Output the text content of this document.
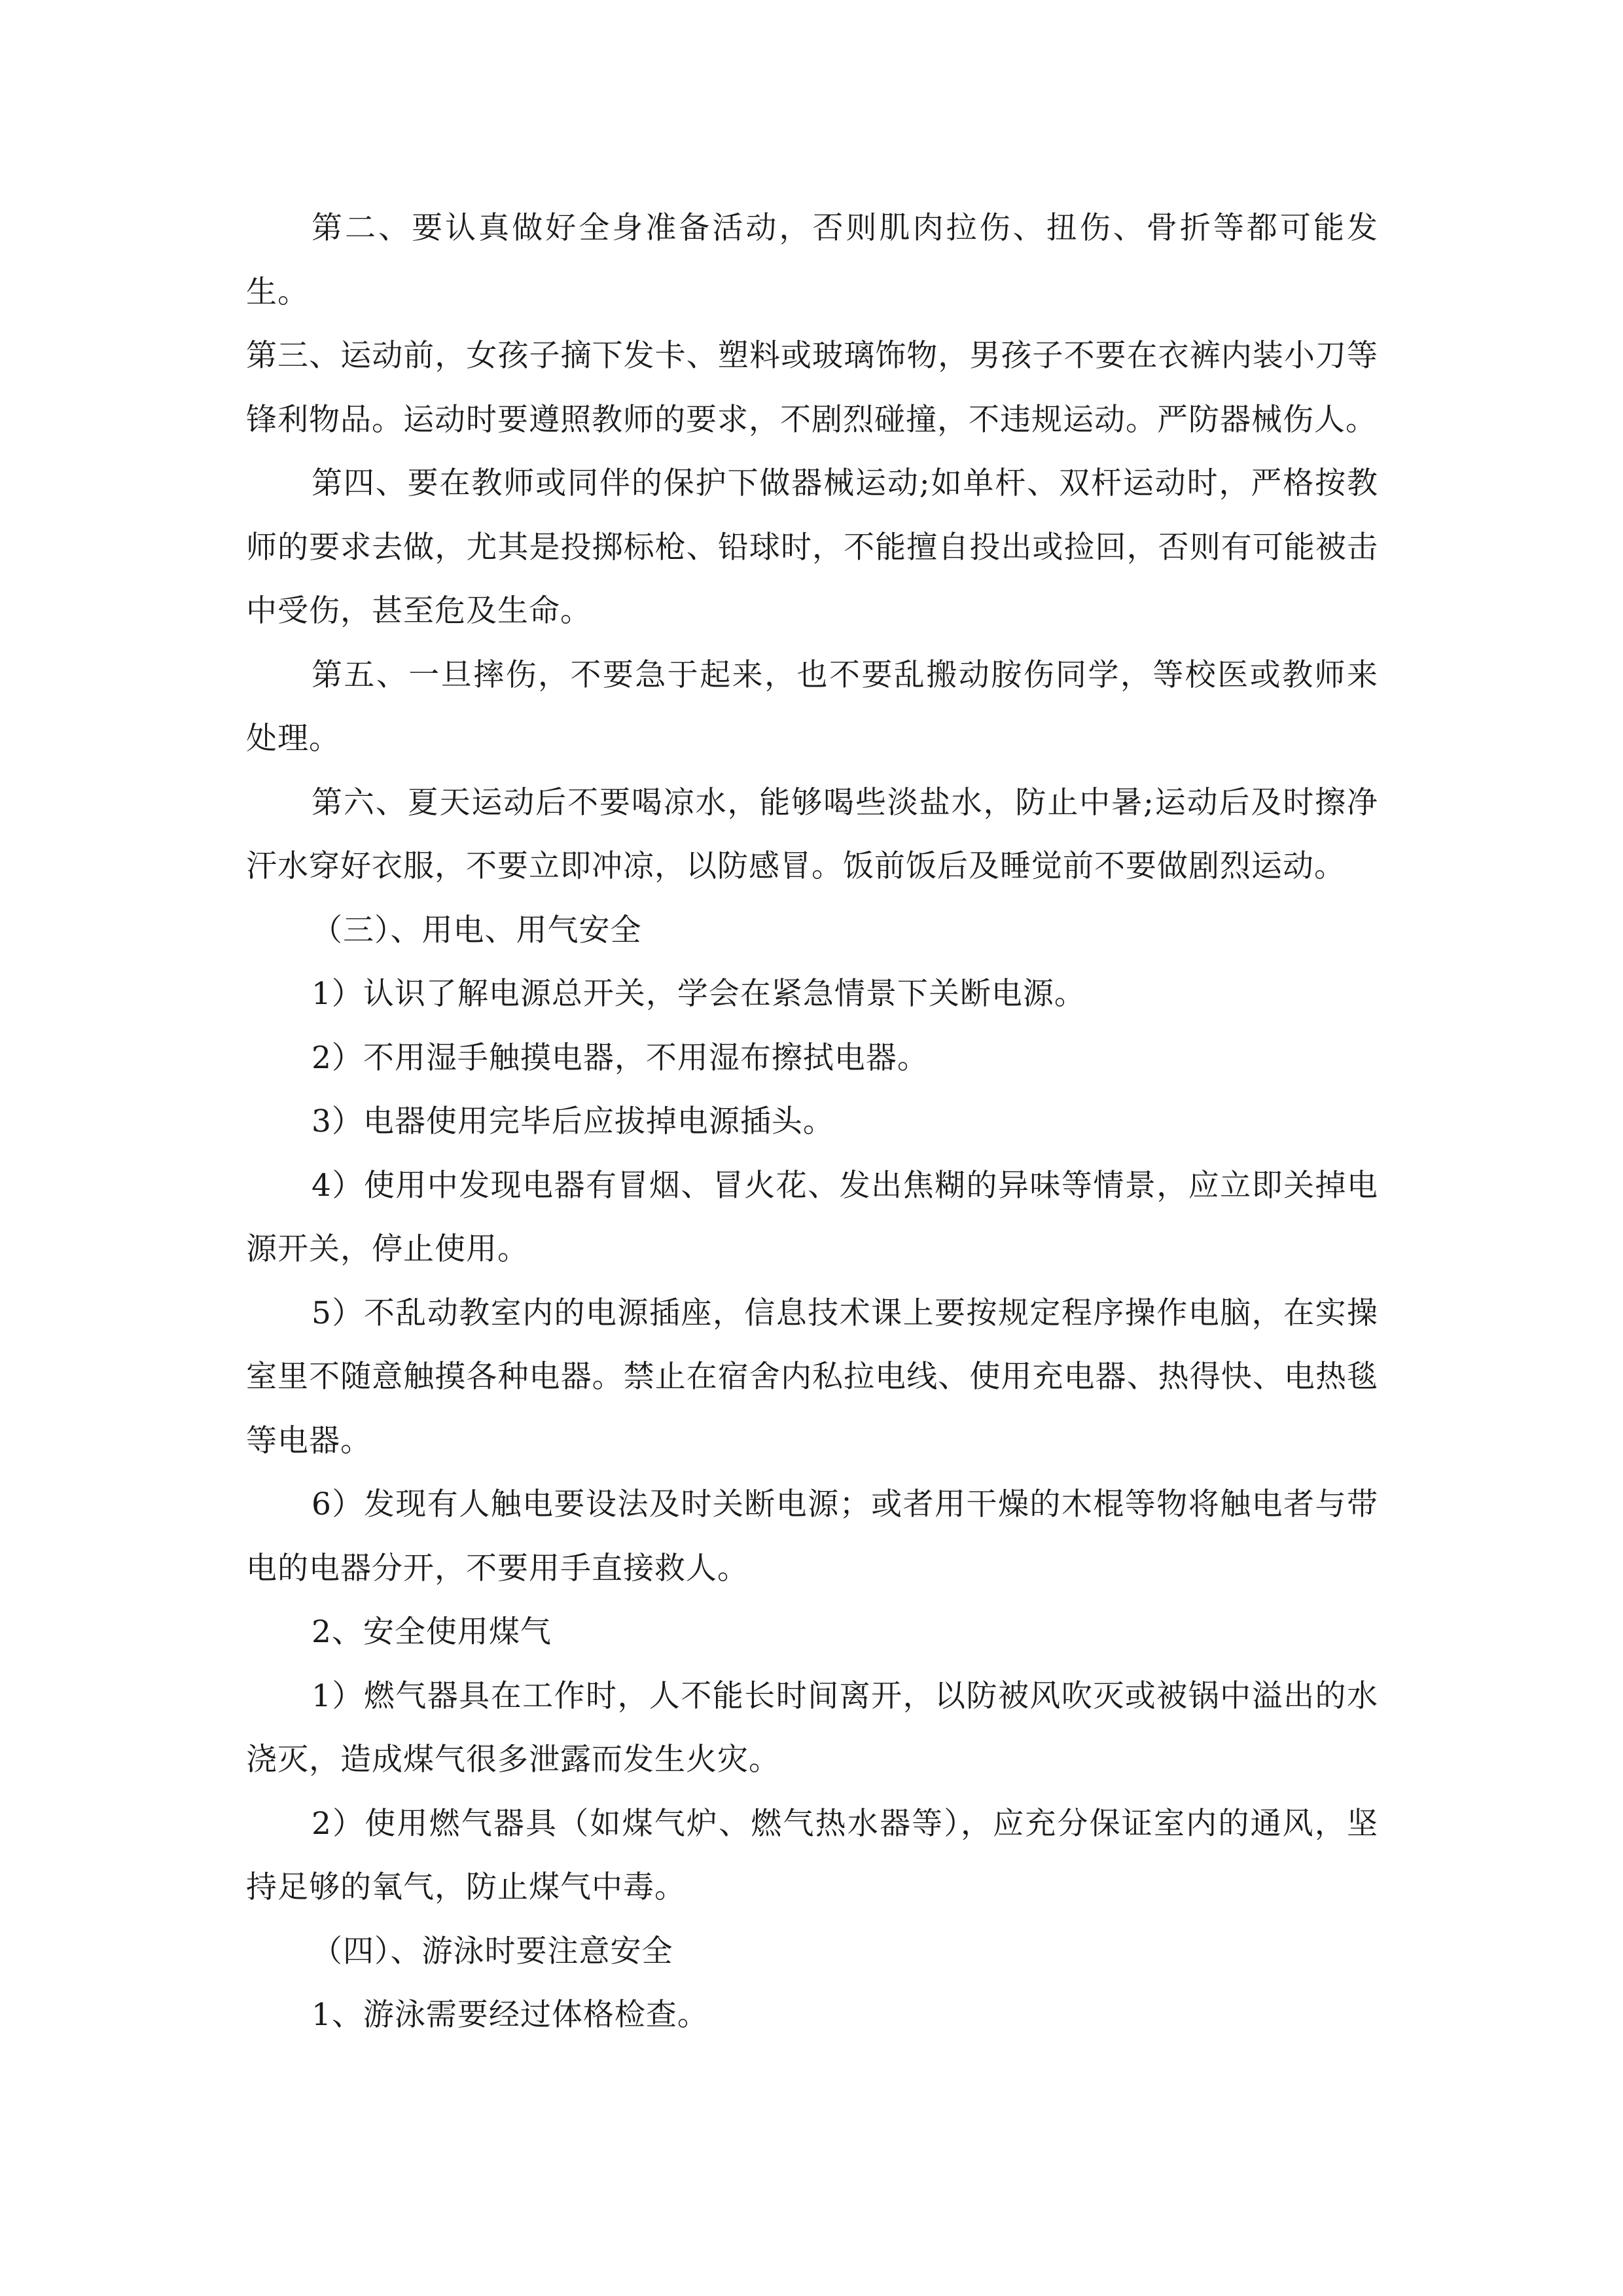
第二、要认真做好全身准备活动，否则肌肉拉伤、扭伤、骨折等都可能发生。

第三、运动前，女孩子摘下发卡、塑料或玻璃饰物，男孩子不要在衣裤内装小刀等锋利物品。运动时要遵照教师的要求，不剧烈碰撞，不违规运动。严防器械伤人。

第四、要在教师或同伴的保护下做器械运动;如单杆、双杆运动时，严格按教师的要求去做，尤其是投掷标枪、铅球时，不能擅自投出或捡回，否则有可能被击中受伤，甚至危及生命。

第五、一旦摔伤，不要急于起来，也不要乱搬动胺伤同学，等校医或教师来处理。

第六、夏天运动后不要喝凉水，能够喝些淡盐水，防止中暑;运动后及时擦净汗水穿好衣服，不要立即冲凉，以防感冒。饭前饭后及睡觉前不要做剧烈运动。

（三）、用电、用气安全

1）认识了解电源总开关，学会在紧急情景下关断电源。

2）不用湿手触摸电器，不用湿布擦拭电器。

3）电器使用完毕后应拔掉电源插头。

4）使用中发现电器有冒烟、冒火花、发出焦糊的异味等情景，应立即关掉电源开关，停止使用。

5）不乱动教室内的电源插座，信息技术课上要按规定程序操作电脑，在实操室里不随意触摸各种电器。禁止在宿舍内私拉电线、使用充电器、热得快、电热毯等电器。

6）发现有人触电要设法及时关断电源；或者用干燥的木棍等物将触电者与带电的电器分开，不要用手直接救人。

2、安全使用煤气

1）燃气器具在工作时，人不能长时间离开，以防被风吹灭或被锅中溢出的水浇灭，造成煤气很多泄露而发生火灾。

2）使用燃气器具（如煤气炉、燃气热水器等），应充分保证室内的通风，坚持足够的氧气，防止煤气中毒。

（四）、游泳时要注意安全

1、游泳需要经过体格检查。
